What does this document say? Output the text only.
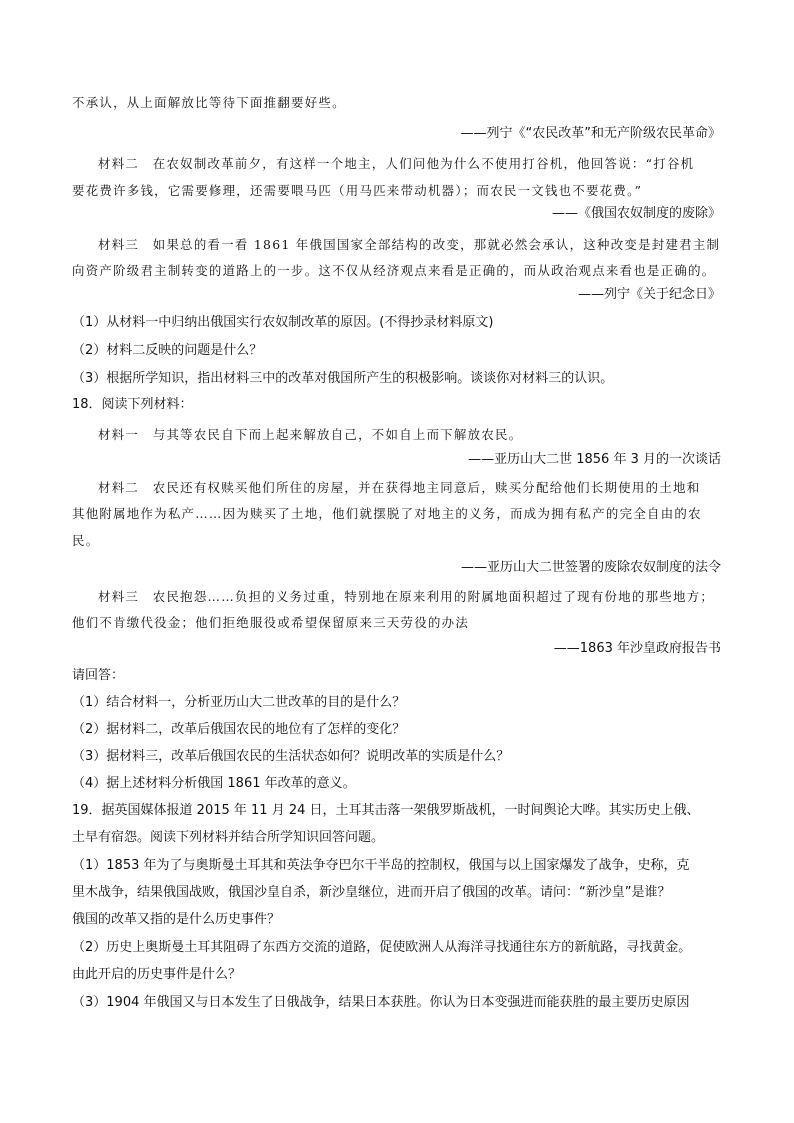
不承认，从上面解放比等待下面推翻要好些。
——列宁《“农民改革”和无产阶级农民革命》
材料二　在农奴制改革前夕，有这样一个地主，人们问他为什么不使用打谷机，他回答说：“打谷机
要花费许多钱，它需要修理，还需要喂马匹（用马匹来带动机器）；而农民一文钱也不要花费。”
——《俄国农奴制度的废除》
材料三　如果总的看一看 1861 年俄国国家全部结构的改变，那就必然会承认，这种改变是封建君主制
向资产阶级君主制转变的道路上的一步。这不仅从经济观点来看是正确的，而从政治观点来看也是正确的。
——列宁《关于纪念日》
（1）从材料一中归纳出俄国实行农奴制改革的原因。(不得抄录材料原文)
（2）材料二反映的问题是什么？
（3）根据所学知识，指出材料三中的改革对俄国所产生的积极影响。谈谈你对材料三的认识。
18．阅读下列材料：
材料一　与其等农民自下而上起来解放自己，不如自上而下解放农民。
——亚历山大二世 1856 年 3 月的一次谈话
材料二　农民还有权赎买他们所住的房屋，并在获得地主同意后，赎买分配给他们长期使用的土地和
其他附属地作为私产……因为赎买了土地，他们就摆脱了对地主的义务，而成为拥有私产的完全自由的农
民。
——亚历山大二世签署的废除农奴制度的法令
材料三　农民抱怨……负担的义务过重，特别地在原来利用的附属地面积超过了现有份地的那些地方；
他们不肯缴代役金；他们拒绝服役或希望保留原来三天劳役的办法
——1863 年沙皇政府报告书
请回答：
（1）结合材料一，分析亚历山大二世改革的目的是什么？
（2）据材料二，改革后俄国农民的地位有了怎样的变化？
（3）据材料三，改革后俄国农民的生活状态如何？说明改革的实质是什么？
（4）据上述材料分析俄国 1861 年改革的意义。
19．据英国媒体报道 2015 年 11 月 24 日，土耳其击落一架俄罗斯战机，一时间舆论大哗。其实历史上俄、
土早有宿怨。阅读下列材料并结合所学知识回答问题。
（1）1853 年为了与奥斯曼土耳其和英法争夺巴尔干半岛的控制权，俄国与以上国家爆发了战争，史称，克
里木战争，结果俄国战败，俄国沙皇自杀，新沙皇继位，进而开启了俄国的改革。请问：“新沙皇”是谁？
俄国的改革又指的是什么历史事件？
（2）历史上奥斯曼土耳其阻碍了东西方交流的道路，促使欧洲人从海洋寻找通往东方的新航路，寻找黄金。
由此开启的历史事件是什么？
（3）1904 年俄国又与日本发生了日俄战争，结果日本获胜。你认为日本变强进而能获胜的最主要历史原因
